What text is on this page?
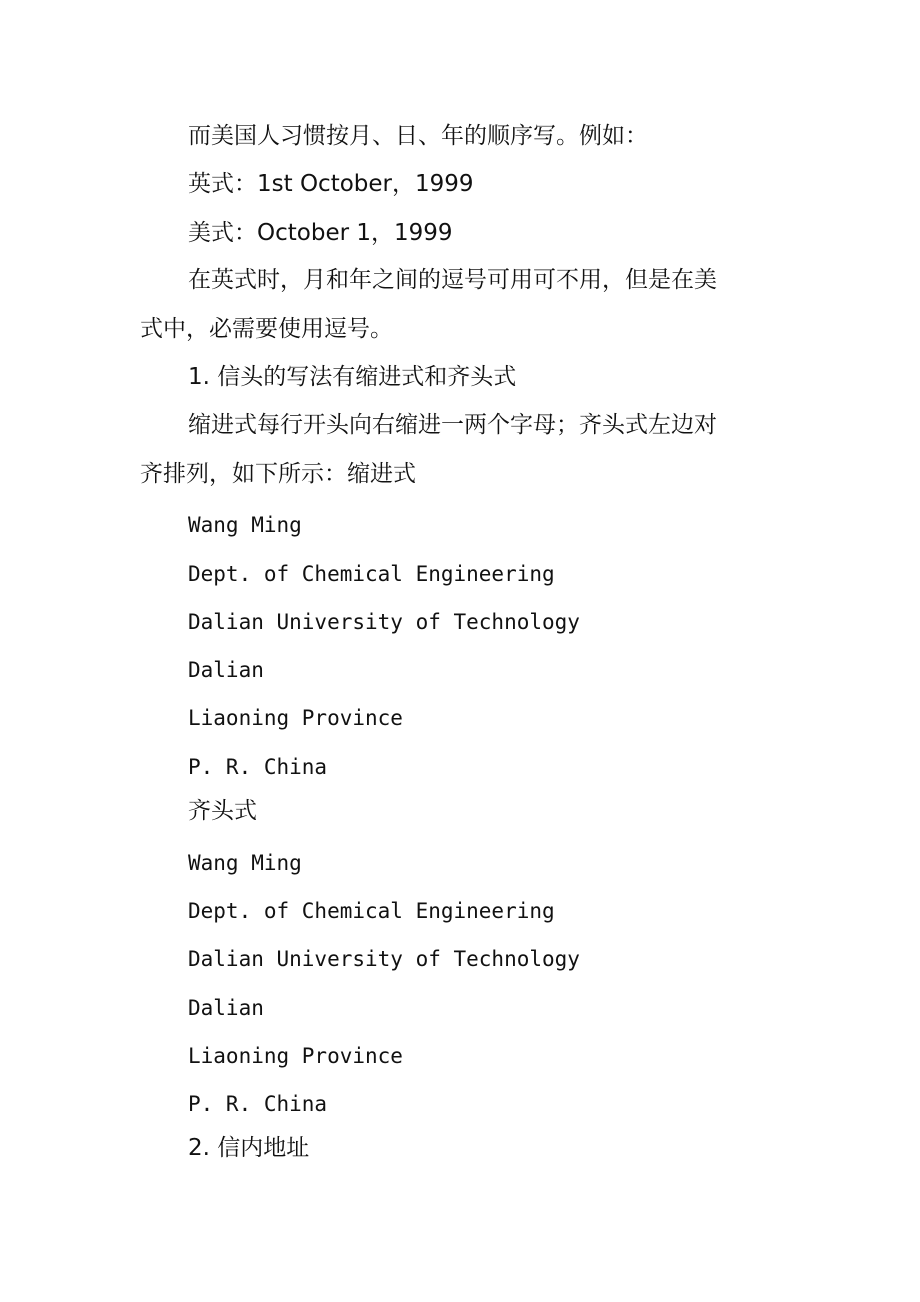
而美国人习惯按月、日、年的顺序写。例如：
英式：1st October，1999
美式：October 1，1999
在英式时，月和年之间的逗号可用可不用，但是在美
式中，必需要使用逗号。
1. 信头的写法有缩进式和齐头式
缩进式每行开头向右缩进一两个字母；齐头式左边对
齐排列，如下所示：缩进式
Wang Ming
Dept. of Chemical Engineering
Dalian University of Technology
Dalian
Liaoning Province
P. R. China
齐头式
Wang Ming
Dept. of Chemical Engineering
Dalian University of Technology
Dalian
Liaoning Province
P. R. China
2. 信内地址
